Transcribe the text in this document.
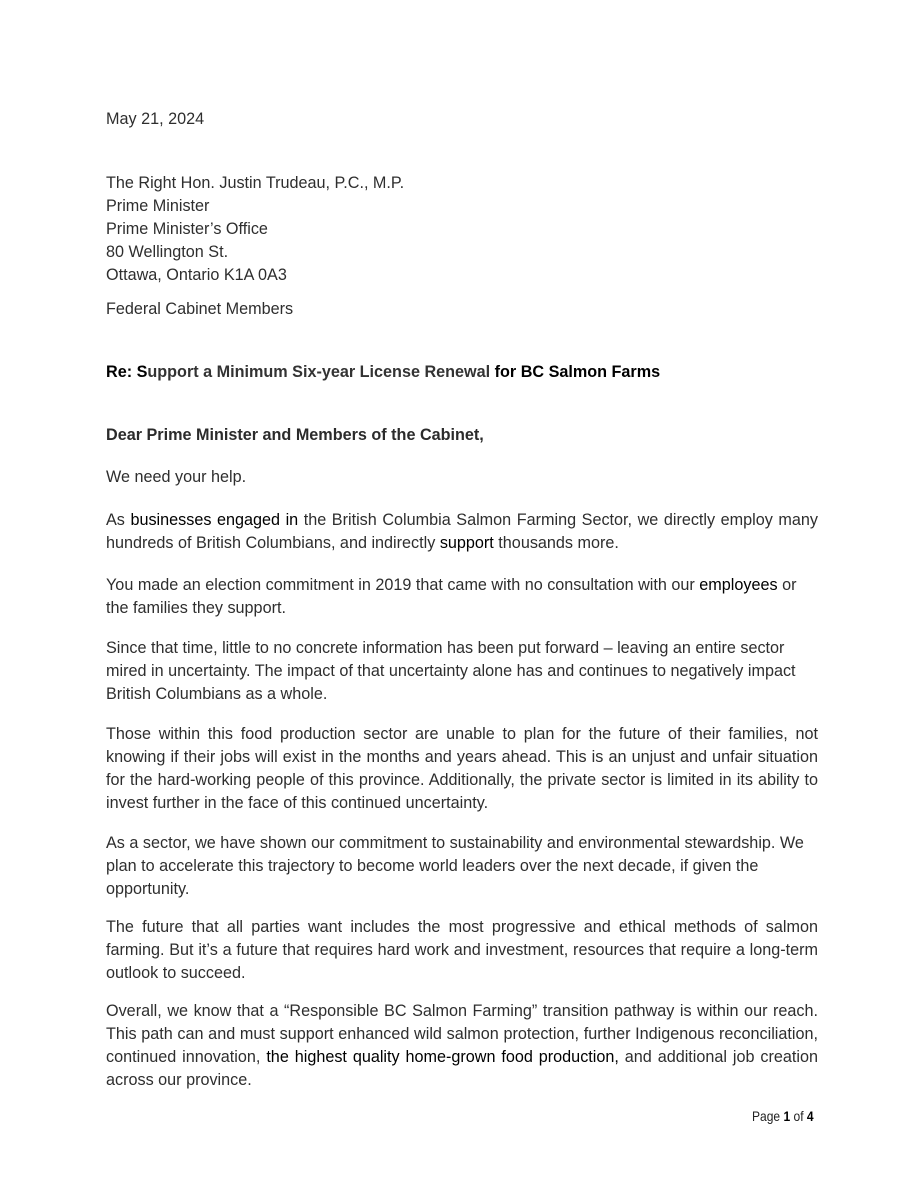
May 21, 2024

The Right Hon. Justin Trudeau, P.C., M.P.
Prime Minister
Prime Minister’s Office
80 Wellington St.
Ottawa, Ontario K1A 0A3

Federal Cabinet Members

Re: Support a Minimum Six-year License Renewal for BC Salmon Farms

Dear Prime Minister and Members of the Cabinet,

We need your help.

As businesses engaged in the British Columbia Salmon Farming Sector, we directly employ many hundreds of British Columbians, and indirectly support thousands more.

You made an election commitment in 2019 that came with no consultation with our employees or the families they support.

Since that time, little to no concrete information has been put forward – leaving an entire sector mired in uncertainty. The impact of that uncertainty alone has and continues to negatively impact British Columbians as a whole.

Those within this food production sector are unable to plan for the future of their families, not knowing if their jobs will exist in the months and years ahead. This is an unjust and unfair situation for the hard-working people of this province. Additionally, the private sector is limited in its ability to invest further in the face of this continued uncertainty.

As a sector, we have shown our commitment to sustainability and environmental stewardship. We plan to accelerate this trajectory to become world leaders over the next decade, if given the opportunity.

The future that all parties want includes the most progressive and ethical methods of salmon farming. But it’s a future that requires hard work and investment, resources that require a long-term outlook to succeed.

Overall, we know that a “Responsible BC Salmon Farming” transition pathway is within our reach. This path can and must support enhanced wild salmon protection, further Indigenous reconciliation, continued innovation, the highest quality home-grown food production, and additional job creation across our province.

Page 1 of 4
